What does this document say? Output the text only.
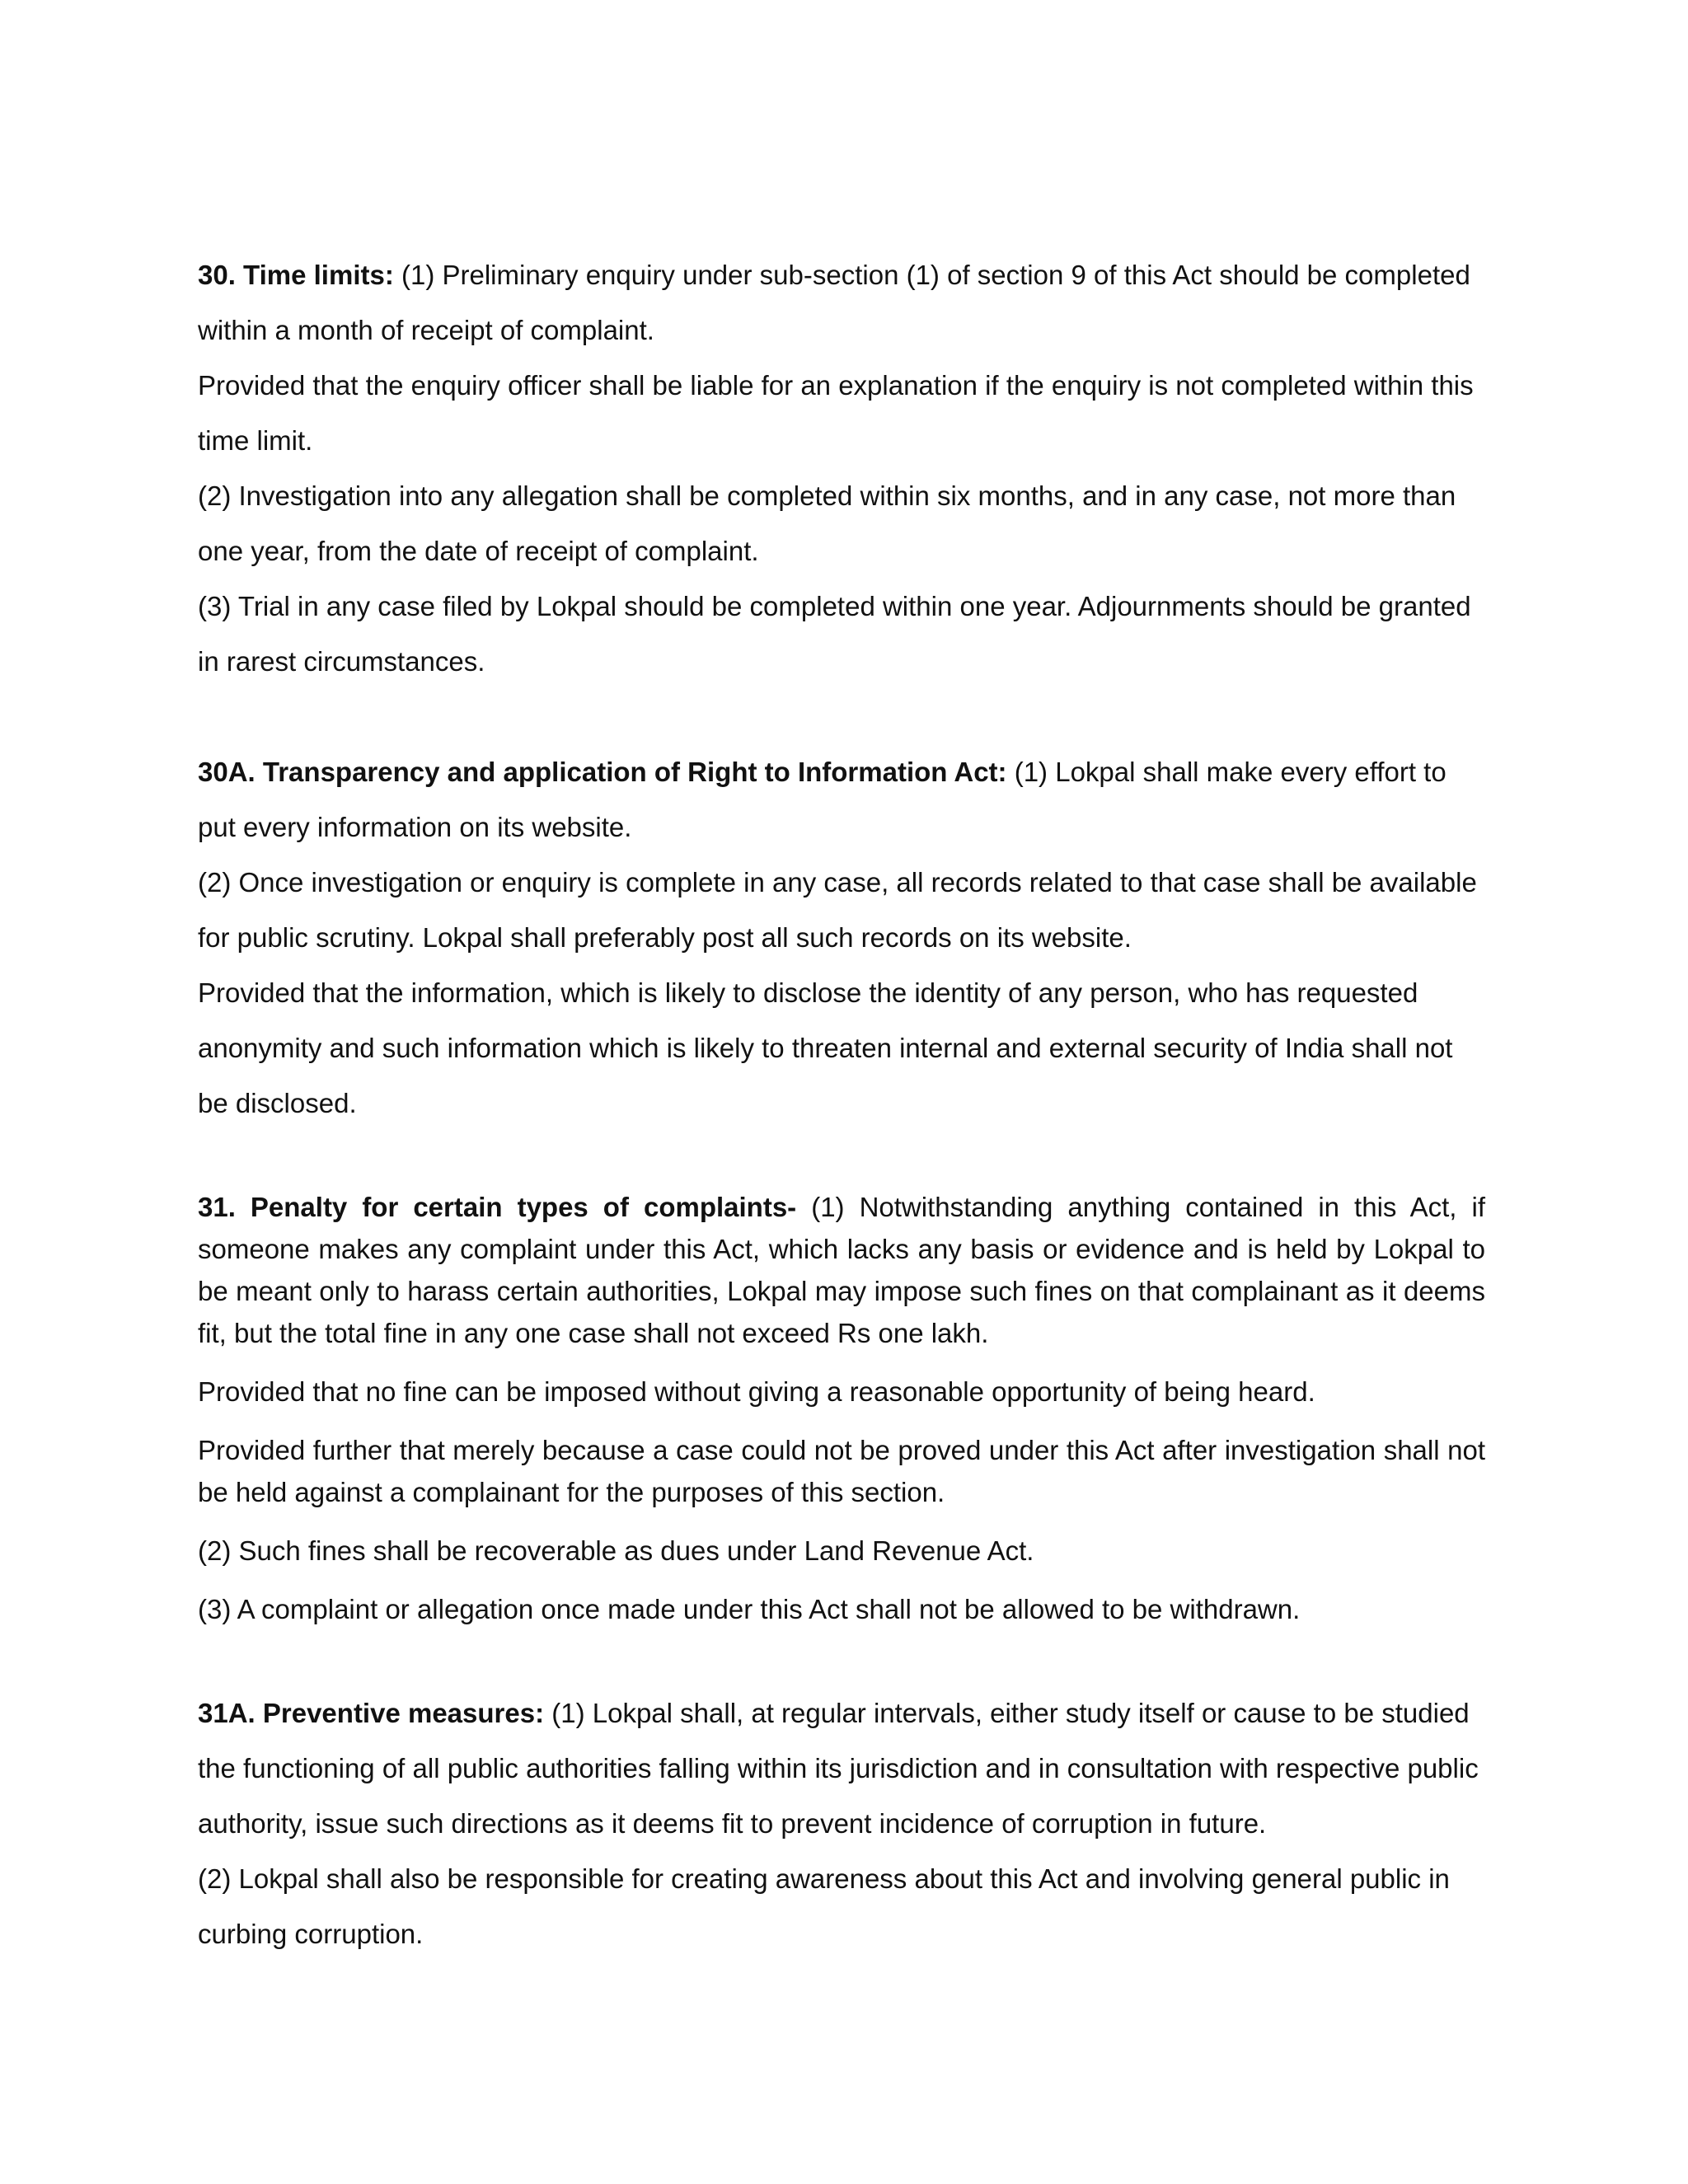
30. Time limits: (1) Preliminary enquiry under sub-section (1) of section 9 of this Act should be completed within a month of receipt of complaint.

Provided that the enquiry officer shall be liable for an explanation if the enquiry is not completed within this time limit.

(2) Investigation into any allegation shall be completed within six months, and in any case, not more than one year, from the date of receipt of complaint.

(3) Trial in any case filed by Lokpal should be completed within one year. Adjournments should be granted in rarest circumstances.

30A. Transparency and application of Right to Information Act: (1) Lokpal shall make every effort to put every information on its website.

(2) Once investigation or enquiry is complete in any case, all records related to that case shall be available for public scrutiny. Lokpal shall preferably post all such records on its website.

Provided that the information, which is likely to disclose the identity of any person, who has requested anonymity and such information which is likely to threaten internal and external security of India shall not be disclosed.

31. Penalty for certain types of complaints- (1) Notwithstanding anything contained in this Act, if someone makes any complaint under this Act, which lacks any basis or evidence and is held by Lokpal to be meant only to harass certain authorities, Lokpal may impose such fines on that complainant as it deems fit, but the total fine in any one case shall not exceed Rs one lakh.

Provided that no fine can be imposed without giving a reasonable opportunity of being heard.

Provided further that merely because a case could not be proved under this Act after investigation shall not be held against a complainant for the purposes of this section.

(2) Such fines shall be recoverable as dues under Land Revenue Act.

(3) A complaint or allegation once made under this Act shall not be allowed to be withdrawn.

31A. Preventive measures: (1) Lokpal shall, at regular intervals, either study itself or cause to be studied the functioning of all public authorities falling within its jurisdiction and in consultation with respective public authority, issue such directions as it deems fit to prevent incidence of corruption in future.

(2) Lokpal shall also be responsible for creating awareness about this Act and involving general public in curbing corruption.
